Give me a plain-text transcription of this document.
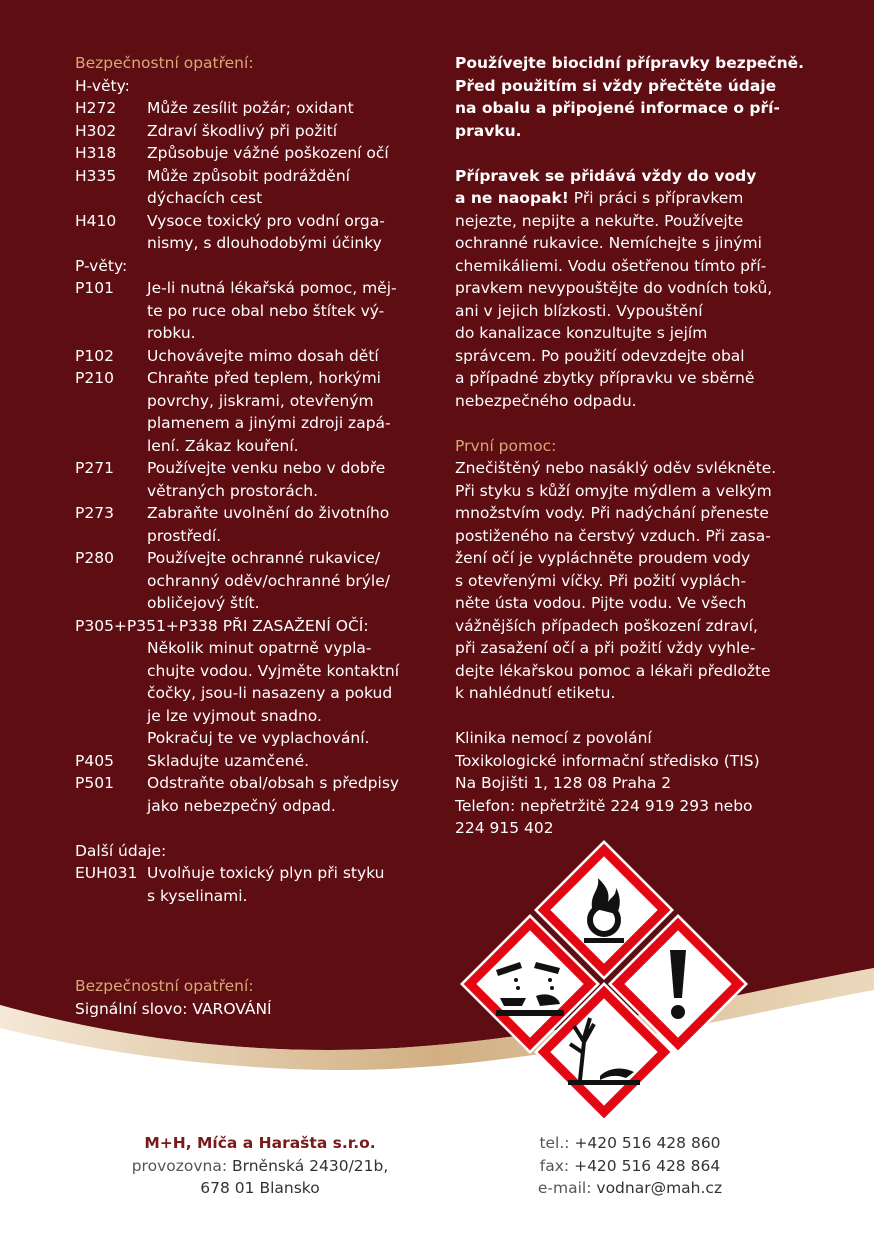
Bezpečnostní opatření:
H-věty:
H272	Může zesílit požár; oxidant
H302	Zdraví škodlivý při požití
H318	Způsobuje vážné poškození očí
H335	Může způsobit podráždění
dýchacích cest
H410	Vysoce toxický pro vodní orga-
nismy, s dlouhodobými účinky
P-věty:
P101	Je-li nutná lékařská pomoc, měj-
te po ruce obal nebo štítek vý-
robku.
P102	Uchovávejte mimo dosah dětí
P210	Chraňte před teplem, horkými
povrchy, jiskrami, otevřeným
plamenem a jinými zdroji zapá-
lení. Zákaz kouření.
P271	Používejte venku nebo v dobře
větraných prostorách.
P273	Zabraňte uvolnění do životního
prostředí.
P280	Používejte ochranné rukavice/
ochranný oděv/ochranné brýle/
obličejový štít.
P305+P351+P338 PŘI ZASAŽENÍ OČÍ:
Několik minut opatrně vypla-
chujte vodou. Vyjměte kontaktní
čočky, jsou-li nasazeny a pokud
je lze vyjmout snadno.
Pokračuj te ve vyplachování.
P405	Skladujte uzamčené.
P501	Odstraňte obal/obsah s předpisy
jako nebezpečný odpad.
Další údaje:
EUH031 Uvolňuje toxický plyn při styku
s kyselinami.
Bezpečnostní opatření:
Signální slovo: VAROVÁNÍ
Používejte biocidní přípravky bezpečně.
Před použitím si vždy přečtěte údaje
na obalu a připojené informace o pří-
pravku.
Přípravek se přidává vždy do vody
a ne naopak! Při práci s přípravkem
nejezte, nepijte a nekuřte. Používejte
ochranné rukavice. Nemíchejte s jinými
chemikáliemi. Vodu ošetřenou tímto pří-
pravkem nevypouštějte do vodních toků,
ani v jejich blízkosti. Vypouštění
do kanalizace konzultujte s jejím
správcem. Po použití odevzdejte obal
a případné zbytky přípravku ve sběrně
nebezpečného odpadu.
První pomoc:
Znečištěný nebo nasáklý oděv svlékněte.
Při styku s kůží omyjte mýdlem a velkým
množstvím vody. Při nadýchání přeneste
postiženého na čerstvý vzduch. Při zasa-
žení očí je vypláchněte proudem vody
s otevřenými víčky. Při požití vyplách-
něte ústa vodou. Pijte vodu. Ve všech
vážnějších případech poškození zdraví,
při zasažení očí a při požití vždy vyhle-
dejte lékařskou pomoc a lékaři předložte
k nahlédnutí etiketu.
Klinika nemocí z povolání
Toxikologické informační středisko (TIS)
Na Bojišti 1, 128 08 Praha 2
Telefon: nepřetržitě 224 919 293 nebo
224 915 402
M+H, Míča a Harašta s.r.o.
provozovna: Brněnská 2430/21b,
678 01 Blansko
tel.: +420 516 428 860
fax: +420 516 428 864
e-mail: vodnar@mah.cz
